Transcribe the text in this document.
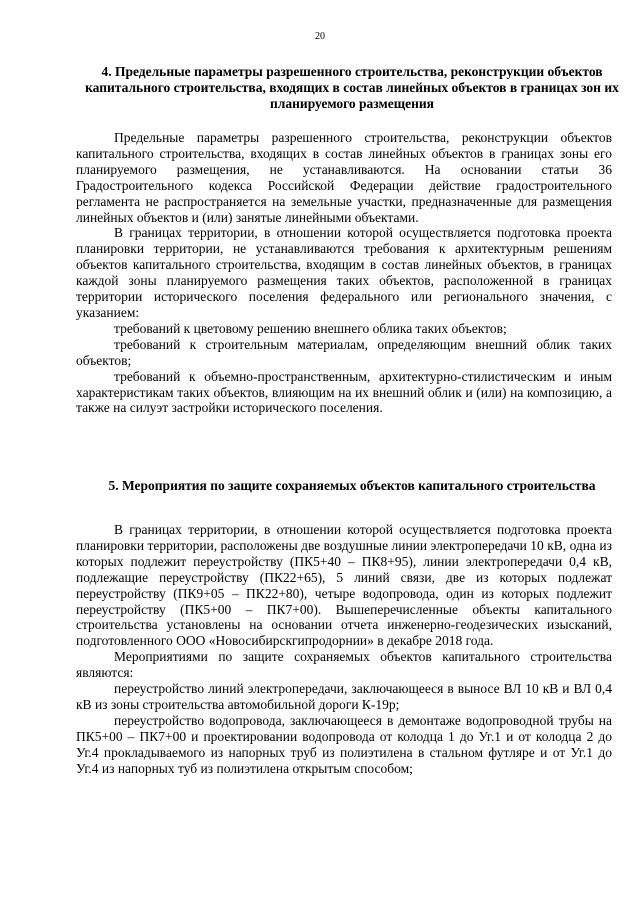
20
4. Предельные параметры разрешенного строительства, реконструкции объектов капитального строительства, входящих в состав линейных объектов в границах зон их планируемого размещения

Предельные параметры разрешенного строительства, реконструкции объектов капитального строительства, входящих в состав линейных объектов в границах зоны его планируемого размещения, не устанавливаются. На основании статьи 36 Градостроительного кодекса Российской Федерации действие градостроительного регламента не распространяется на земельные участки, предназначенные для размещения линейных объектов и (или) занятые линейными объектами.

В границах территории, в отношении которой осуществляется подготовка проекта планировки территории, не устанавливаются требования к архитектурным решениям объектов капитального строительства, входящим в состав линейных объектов, в границах каждой зоны планируемого размещения таких объектов, расположенной в границах территории исторического поселения федерального или регионального значения, с указанием:

требований к цветовому решению внешнего облика таких объектов;

требований к строительным материалам, определяющим внешний облик таких объектов;

требований к объемно-пространственным, архитектурно-стилистическим и иным характеристикам таких объектов, влияющим на их внешний облик и (или) на композицию, а также на силуэт застройки исторического поселения.

5. Мероприятия по защите сохраняемых объектов капитального строительства

В границах территории, в отношении которой осуществляется подготовка проекта планировки территории, расположены две воздушные линии электропередачи 10 кВ, одна из которых подлежит переустройству (ПК5+40 – ПК8+95), линии электропередачи 0,4 кВ, подлежащие переустройству (ПК22+65), 5 линий связи, две из которых подлежат переустройству (ПК9+05 – ПК22+80), четыре водопровода, один из которых подлежит переустройству (ПК5+00 – ПК7+00). Вышеперечисленные объекты капитального строительства установлены на основании отчета инженерно-геодезических изысканий, подготовленного ООО «Новосибирскгипродорнии» в декабре 2018 года.

Мероприятиями по защите сохраняемых объектов капитального строительства являются:

переустройство линий электропередачи, заключающееся в выносе ВЛ 10 кВ и ВЛ 0,4 кВ из зоны строительства автомобильной дороги К-19р;

переустройство водопровода, заключающееся в демонтаже водопроводной трубы на ПК5+00 – ПК7+00 и проектировании водопровода от колодца 1 до Уг.1 и от колодца 2 до Уг.4 прокладываемого из напорных труб из полиэтилена в стальном футляре и от Уг.1 до Уг.4 из напорных туб из полиэтилена открытым способом;
